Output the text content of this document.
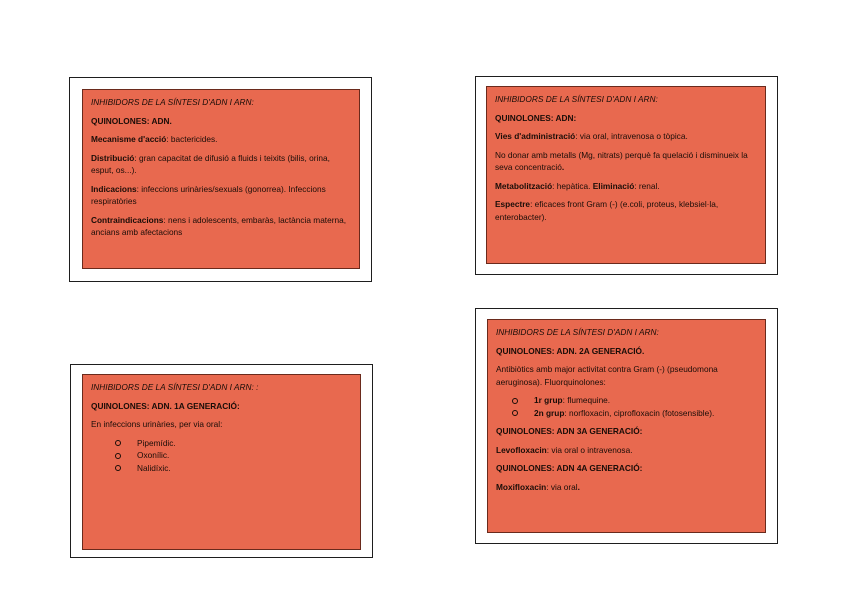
INHIBIDORS DE LA SÍNTESI D'ADN I ARN:

QUINOLONES: ADN.

Mecanisme d'acció: bactericides.

Distribució: gran capacitat de difusió a fluids i teixits (bilis, orina, esput, os...).

Indicacions: infeccions urinàries/sexuals (gonorrea). Infeccions respiratòries

Contraindicacions: nens i adolescents, embaràs, lactància materna, ancians amb afectacions

INHIBIDORS DE LA SÍNTESI D'ADN I ARN:

QUINOLONES: ADN:

Vies d'administració: via oral, intravenosa o tòpica.

No donar amb metalls (Mg, nitrats) perquè fa quelació i disminueix la seva concentració.

Metabolització: hepàtica. Eliminació: renal.

Espectre: eficaces front Gram (-) (e.coli, proteus, klebsiel·la, enterobacter).

INHIBIDORS DE LA SÍNTESI D'ADN I ARN: :

QUINOLONES: ADN. 1A GENERACIÓ:

En infeccions urinàries, per via oral:

Pipemídic.
Oxonílic.
Nalidíxic.

INHIBIDORS DE LA SÍNTESI D'ADN I ARN:

QUINOLONES: ADN. 2A GENERACIÓ.

Antibiòtics amb major activitat contra Gram (-) (pseudomona aeruginosa). Fluorquinolones:

1r grup: flumequine.
2n grup: norfloxacin, ciprofloxacin (fotosensible).

QUINOLONES: ADN 3A GENERACIÓ:

Levofloxacin: via oral o intravenosa.

QUINOLONES: ADN 4A GENERACIÓ:

Moxifloxacin: via oral.
